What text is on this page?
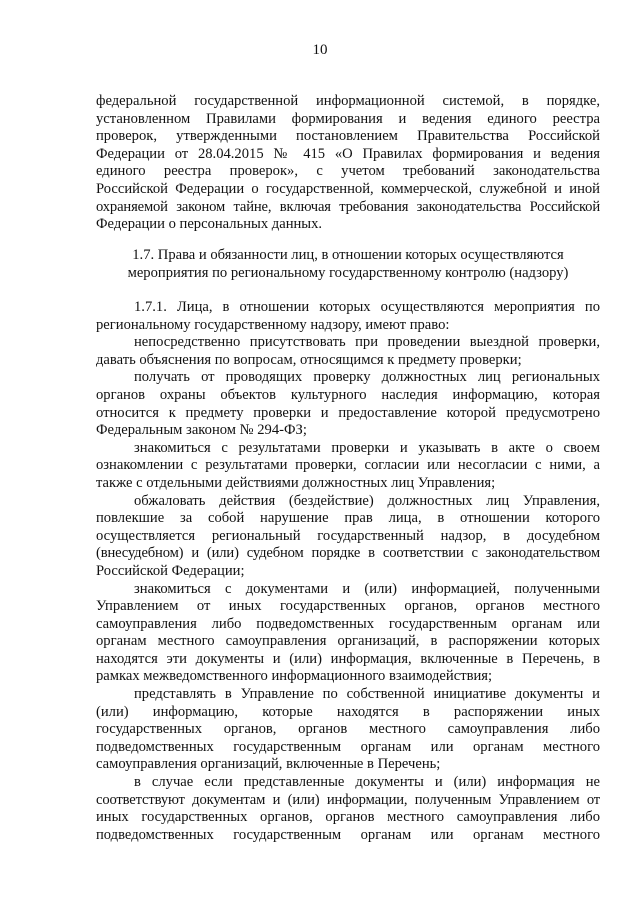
10
федеральной государственной информационной системой, в порядке,
установленном Правилами формирования и ведения единого реестра
проверок, утвержденными постановлением Правительства Российской
Федерации от 28.04.2015 № 415 «О Правилах формирования и ведения
единого реестра проверок», с учетом требований законодательства
Российской Федерации о государственной, коммерческой, служебной и иной
охраняемой законом тайне, включая требования законодательства Российской
Федерации о персональных данных.
1.7. Права и обязанности лиц, в отношении которых осуществляются
мероприятия по региональному государственному контролю (надзору)
1.7.1. Лица, в отношении которых осуществляются мероприятия по
региональному государственному надзору, имеют право:
непосредственно присутствовать при проведении выездной проверки,
давать объяснения по вопросам, относящимся к предмету проверки;
получать от проводящих проверку должностных лиц региональных
органов охраны объектов культурного наследия информацию, которая
относится к предмету проверки и предоставление которой предусмотрено
Федеральным законом № 294-ФЗ;
знакомиться с результатами проверки и указывать в акте о своем
ознакомлении с результатами проверки, согласии или несогласии с ними, а
также с отдельными действиями должностных лиц Управления;
обжаловать действия (бездействие) должностных лиц Управления,
повлекшие за собой нарушение прав лица, в отношении которого
осуществляется региональный государственный надзор, в досудебном
(внесудебном) и (или) судебном порядке в соответствии с законодательством
Российской Федерации;
знакомиться с документами и (или) информацией, полученными
Управлением от иных государственных органов, органов местного
самоуправления либо подведомственных государственным органам или
органам местного самоуправления организаций, в распоряжении которых
находятся эти документы и (или) информация, включенные в Перечень, в
рамках межведомственного информационного взаимодействия;
представлять в Управление по собственной инициативе документы и
(или) информацию, которые находятся в распоряжении иных
государственных органов, органов местного самоуправления либо
подведомственных государственным органам или органам местного
самоуправления организаций, включенные в Перечень;
в случае если представленные документы и (или) информация не
соответствуют документам и (или) информации, полученным Управлением от
иных государственных органов, органов местного самоуправления либо
подведомственных государственным органам или органам местного
